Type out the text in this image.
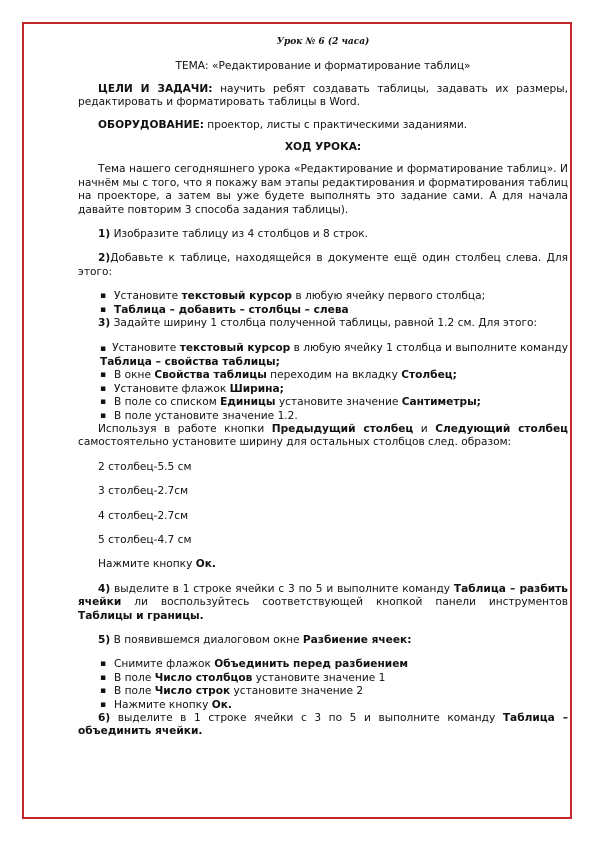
Урок № 6 (2 часа)

ТЕМА: «Редактирование и форматирование таблиц»

ЦЕЛИ И ЗАДАЧИ: научить ребят создавать таблицы, задавать их размеры, редактировать и форматировать таблицы в Word.

ОБОРУДОВАНИЕ: проектор, листы с практическими заданиями.

ХОД УРОКА:

Тема нашего сегодняшнего урока «Редактирование и форматирование таблиц». И начнём мы с того, что я покажу вам этапы редактирования и форматирования таблиц на проекторе, а затем вы уже будете выполнять это задание сами. А для начала давайте повторим 3 способа задания таблицы).

1) Изобразите таблицу из 4 столбцов и 8 строк.

2)Добавьте к таблице, находящейся в документе ещё один столбец слева. Для этого:

▪ Установите текстовый курсор в любую ячейку первого столбца;
▪ Таблица – добавить – столбцы – слева

3) Задайте ширину 1 столбца полученной таблицы, равной 1.2 см. Для этого:

▪ Установите текстовый курсор в любую ячейку 1 столбца и выполните команду Таблица – свойства таблицы;

▪ В окне Свойства таблицы переходим на вкладку Столбец;
▪ Установите флажок Ширина;
▪ В поле со списком Единицы установите значение Сантиметры;
▪ В поле установите значение 1.2.

Используя в работе кнопки Предыдущий столбец и Следующий столбец самостоятельно установите ширину для остальных столбцов след. образом:

2 столбец-5.5 см

3 столбец-2.7см

4 столбец-2.7см

5 столбец-4.7 см

Нажмите кнопку Ок.

4) выделите в 1 строке ячейки с 3 по 5 и выполните команду Таблица – разбить ячейки ли воспользуйтесь соответствующей кнопкой панели инструментов Таблицы и границы.

5) В появившемся диалоговом окне Разбиение ячеек:

▪ Снимите флажок Объединить перед разбиением
▪ В поле Число столбцов установите значение 1
▪ В поле Число строк установите значение 2
▪ Нажмите кнопку Ок.

6) выделите в 1 строке ячейки с 3 по 5 и выполните команду Таблица – объединить ячейки.
